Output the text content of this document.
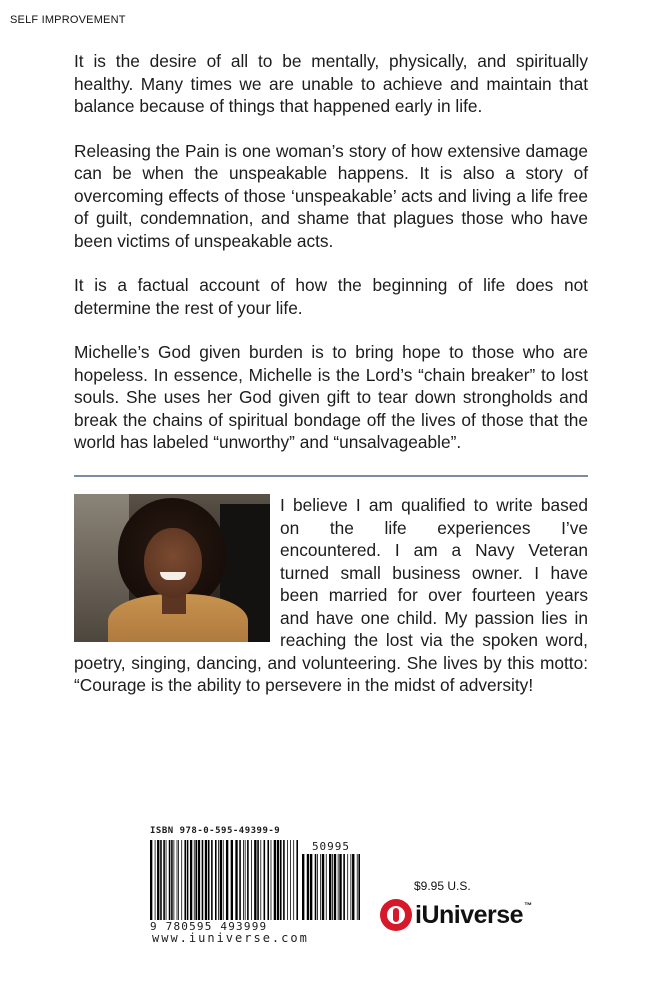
SELF IMPROVEMENT

It is the desire of all to be mentally, physically, and spiritually healthy. Many times we are unable to achieve and maintain that balance because of things that happened early in life.

Releasing the Pain is one woman’s story of how extensive damage can be when the unspeakable happens. It is also a story of overcoming effects of those ‘unspeakable’ acts and living a life free of guilt, condemnation, and shame that plagues those who have been victims of unspeakable acts.

It is a factual account of how the beginning of life does not determine the rest of your life.

Michelle’s God given burden is to bring hope to those who are hopeless. In essence, Michelle is the Lord’s “chain breaker” to lost souls. She uses her God given gift to tear down strongholds and break the chains of spiritual bondage off the lives of those that the world has labeled “unworthy” and “unsalvageable”.

I believe I am qualified to write based on the life experiences I’ve encountered. I am a Navy Veteran turned small business owner. I have been married for over fourteen years and have one child. My passion lies in reaching the lost via the spoken word, poetry, singing, dancing, and volunteering. She lives by this motto: “Courage is the ability to persevere in the midst of adversity!
ISBN 978-0-595-49399-9
50995
9 780595 493999
www.iuniverse.com
$9.95 U.S.
iUniverse™
